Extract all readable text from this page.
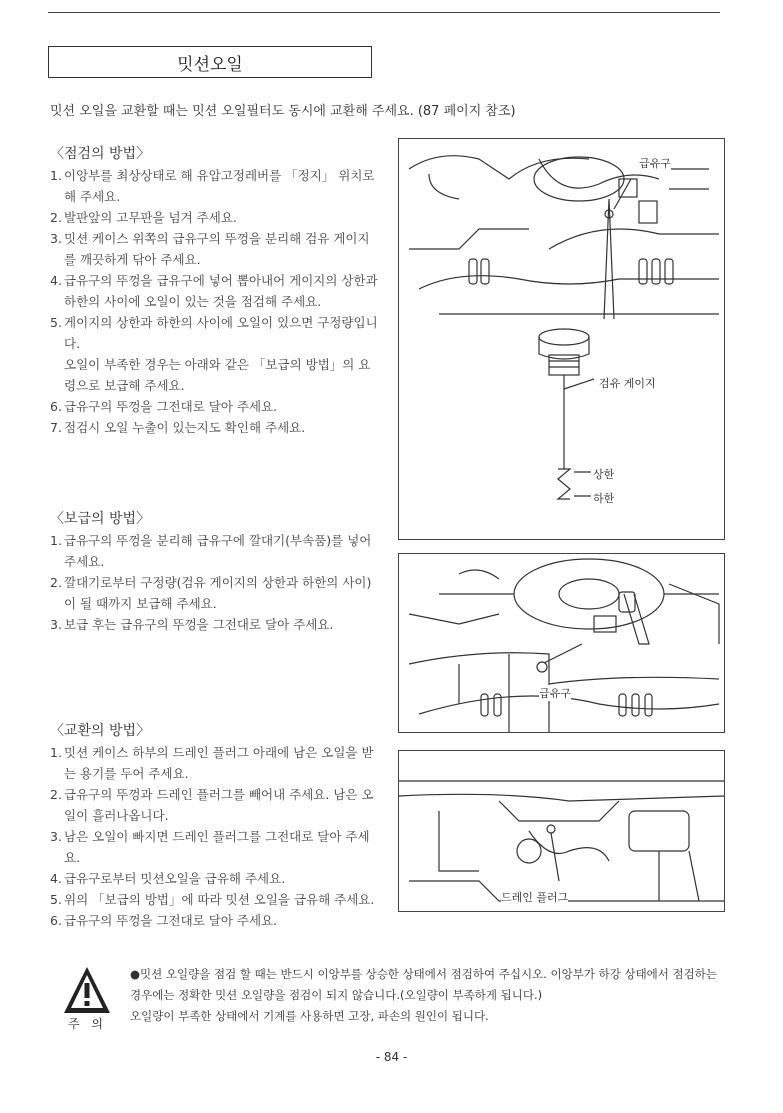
밋션오일
밋션 오일을 교환할 때는 밋션 오일필터도 동시에 교환해 주세요. (87 페이지 참조)
〈점검의 방법〉
1. 이앙부를 최상상태로 해 유압고정레버를 「정지」 위치로 해 주세요.
2. 발판앞의 고무판을 넘겨 주세요.
3. 밋션 케이스 위쪽의 급유구의 뚜껑을 분리해 검유 게이지를 깨끗하게 닦아 주세요.
4. 급유구의 뚜껑을 급유구에 넣어 뽑아내어 게이지의 상한과 하한의 사이에 오일이 있는 것을 점검해 주세요.
5. 게이지의 상한과 하한의 사이에 오일이 있으면 구정량입니다.
오일이 부족한 경우는 아래와 같은 「보급의 방법」의 요령으로 보급해 주세요.
6. 급유구의 뚜껑을 그전대로 달아 주세요.
7. 점검시 오일 누출이 있는지도 확인해 주세요.
〈보급의 방법〉
1. 급유구의 뚜껑을 분리해 급유구에 깔대기(부속품)를 넣어 주세요.
2. 깔대기로부터 구정량(검유 게이지의 상한과 하한의 사이)이 될 때까지 보급해 주세요.
3. 보급 후는 급유구의 뚜껑을 그전대로 달아 주세요.
〈교환의 방법〉
1. 밋션 케이스 하부의 드레인 플러그 아래에 남은 오일을 받는 용기를 두어 주세요.
2. 급유구의 뚜껑과 드레인 플러그를 빼어내 주세요. 남은 오일이 흘러나옵니다.
3. 남은 오일이 빠지면 드레인 플러그를 그전대로 달아 주세요.
4. 급유구로부터 밋션오일을 급유해 주세요.
5. 위의 「보급의 방법」에 따라 밋션 오일을 급유해 주세요.
6. 급유구의 뚜껑을 그전대로 달아 주세요.
급유구
검유 게이지
상한
하한
급유구
드레인 플러그
주 의
●밋션 오일량을 점검 할 때는 반드시 이앙부를 상승한 상태에서 점검하여 주십시오. 이앙부가 하강 상태에서 점검하는 경우에는 정확한 밋션 오일량을 점검이 되지 않습니다.(오일량이 부족하게 됩니다.)
오일량이 부족한 상태에서 기계를 사용하면 고장, 파손의 원인이 됩니다.
- 84 -
